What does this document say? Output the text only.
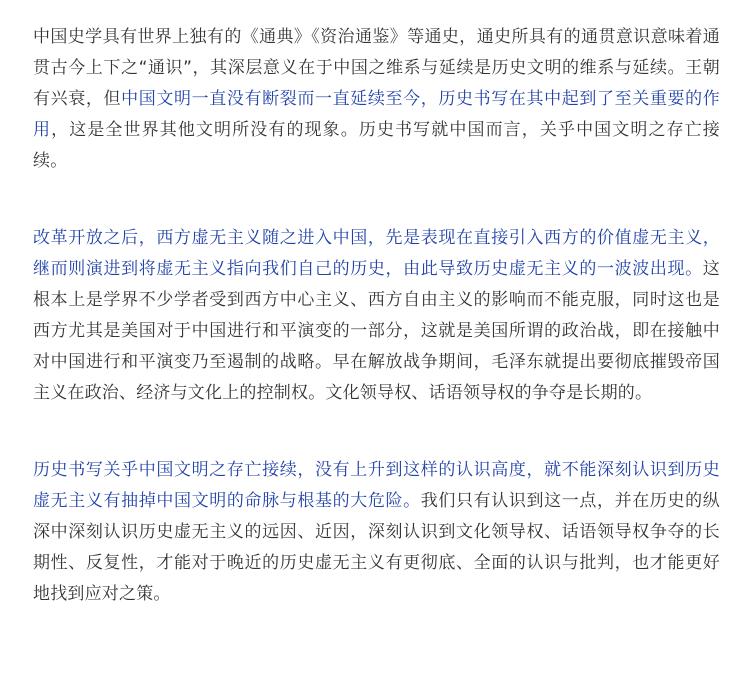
中国史学具有世界上独有的《通典》《资治通鉴》等通史，通史所具有的通贯意识意味着通贯古今上下之“通识”，其深层意义在于中国之维系与延续是历史文明的维系与延续。王朝有兴衰，但中国文明一直没有断裂而一直延续至今，历史书写在其中起到了至关重要的作用，这是全世界其他文明所没有的现象。历史书写就中国而言，关乎中国文明之存亡接续。

改革开放之后，西方虚无主义随之进入中国，先是表现在直接引入西方的价值虚无主义，继而则演进到将虚无主义指向我们自己的历史，由此导致历史虚无主义的一波波出现。这根本上是学界不少学者受到西方中心主义、西方自由主义的影响而不能克服，同时这也是西方尤其是美国对于中国进行和平演变的一部分，这就是美国所谓的政治战，即在接触中对中国进行和平演变乃至遏制的战略。早在解放战争期间，毛泽东就提出要彻底摧毁帝国主义在政治、经济与文化上的控制权。文化领导权、话语领导权的争夺是长期的。

历史书写关乎中国文明之存亡接续，没有上升到这样的认识高度，就不能深刻认识到历史虚无主义有抽掉中国文明的命脉与根基的大危险。我们只有认识到这一点，并在历史的纵深中深刻认识历史虚无主义的远因、近因，深刻认识到文化领导权、话语领导权争夺的长期性、反复性，才能对于晚近的历史虚无主义有更彻底、全面的认识与批判，也才能更好地找到应对之策。
